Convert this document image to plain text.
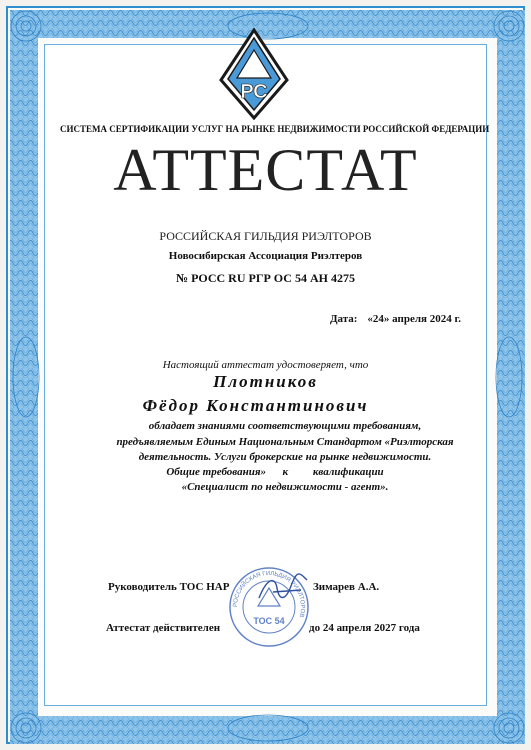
РС
СИСТЕМА СЕРТИФИКАЦИИ УСЛУГ НА РЫНКЕ НЕДВИЖИМОСТИ РОССИЙСКОЙ ФЕДЕРАЦИИ
АТТЕСТАТ
РОССИЙСКАЯ ГИЛЬДИЯ РИЭЛТОРОВ
Новосибирская Ассоциация Риэлтеров
№ РОСС RU РГР ОС 54 АН 4275
Дата: «24» апреля 2024 г.
Настоящий аттестат удостоверяет, что
Плотников
Фёдор Константинович
обладает знаниями соответствующими требованиям,
предъявляемым Единым Национальным Стандартом «Риэлторская
деятельность. Услуги брокерские на рынке недвижимости.
Общие требования»      к         квалификации
«Специалист по недвижимости - агент».
РОССИЙСКАЯ ГИЛЬДИЯ РИЭЛТОРОВ
ТОС 54
Руководитель ТОС НАР	Зимарев А.А.
Аттестат действителен	до 24 апреля 2027 года
